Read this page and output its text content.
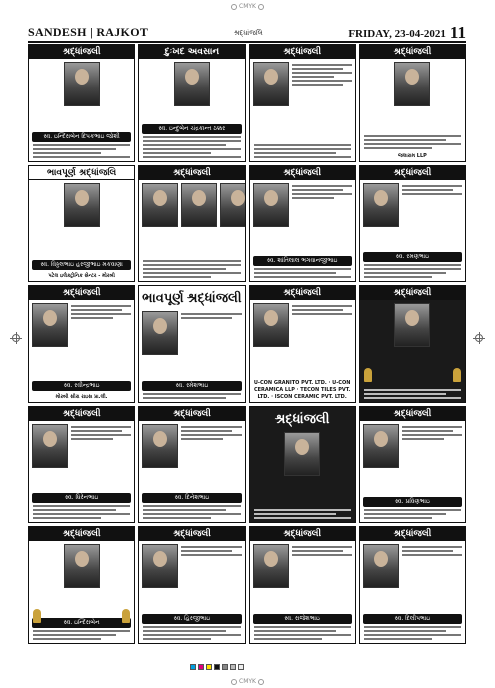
CMYK
SANDESH | RAJKOT	શ્રદ્ધાંજલિ	FRIDAY, 23-04-2021 11
શ્રદ્ધાંજલી
સ્વ. ઇન્દિરાબેન દિપકભાઇ જોશી
દુઃખદ અવસાન
સ્વ. ઇન્દુબેન ચંદ્રકાન્ત ઠક્કર
શ્રદ્ધાંજલી	શ્રદ્ધાંજલી
જલારામ LLP
ભાવપૂર્ણ શ્રદ્ધાંજલિ
સ્વ. વિઠ્ઠલભાઇ હરજીભાઇ મકવાણા
પટેલ ઇલેક્ટ્રોનિક સેન્ટર - મોરબી
શ્રદ્ધાંજલી	શ્રદ્ધાંજલી
સ્વ. શાંતિલાલ ભગવાનજીભાઇ
શ્રદ્ધાંજલી
સ્વ. રમણભાઇ
શ્રદ્ધાંજલી
સ્વ. રવીન્દ્રભાઇ
મોરબી સીરા રાઇસ પ્રા.લી.
ભાવપૂર્ણ શ્રદ્ધાંજલી
સ્વ. રમેશભાઇ
શ્રદ્ધાંજલી
U-CON GRANITO PVT. LTD. · U-CON CERAMICA LLP · TECON TILES PVT. LTD. · ISCON CERAMIC PVT. LTD.
શ્રદ્ધાંજલી
શ્રદ્ધાંજલી
સ્વ. ધિરેનભાઇ
શ્રદ્ધાંજલી
સ્વ. દિનેશભાઇ
શ્રદ્ધાંજલી	શ્રદ્ધાંજલી
સ્વ. પ્રવિણભાઇ
શ્રદ્ધાંજલી
સ્વ. ઇન્દિરાબેન
શ્રદ્ધાંજલી
સ્વ. હિરજીભાઇ
શ્રદ્ધાંજલી
સ્વ. રાજેશભાઇ
શ્રદ્ધાંજલી
સ્વ. દિલીપભાઇ
CMYK
